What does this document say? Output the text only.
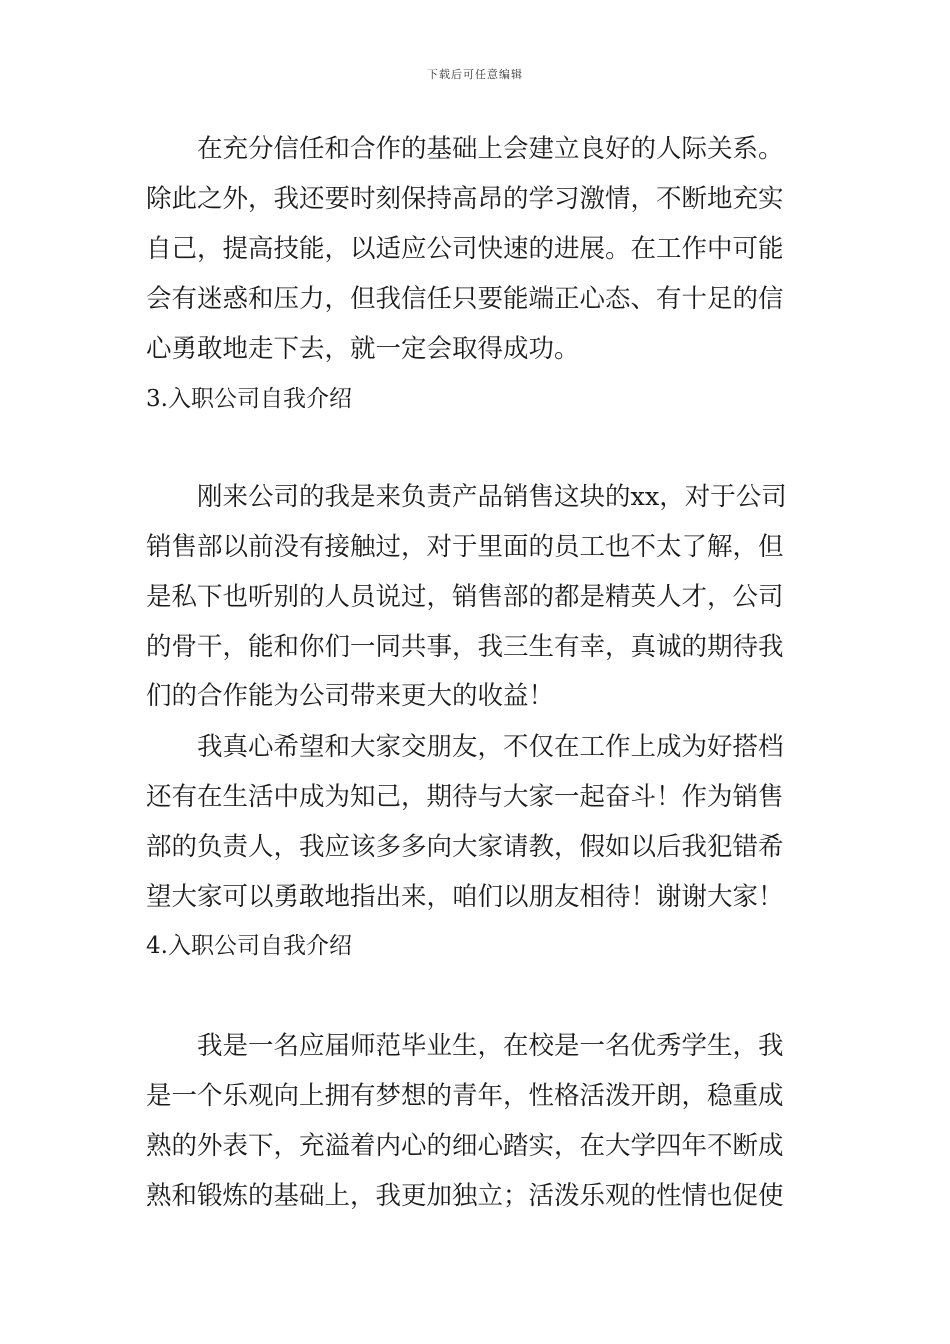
下载后可任意编辑
在充分信任和合作的基础上会建立良好的人际关系。
除此之外，我还要时刻保持高昂的学习激情，不断地充实
自己，提高技能，以适应公司快速的进展。在工作中可能
会有迷惑和压力，但我信任只要能端正心态、有十足的信
心勇敢地走下去，就一定会取得成功。
3.入职公司自我介绍
刚来公司的我是来负责产品销售这块的xx，对于公司
销售部以前没有接触过，对于里面的员工也不太了解，但
是私下也听别的人员说过，销售部的都是精英人才，公司
的骨干，能和你们一同共事，我三生有幸，真诚的期待我
们的合作能为公司带来更大的收益！
我真心希望和大家交朋友，不仅在工作上成为好搭档
还有在生活中成为知己，期待与大家一起奋斗！作为销售
部的负责人，我应该多多向大家请教，假如以后我犯错希
望大家可以勇敢地指出来，咱们以朋友相待！谢谢大家！
4.入职公司自我介绍
我是一名应届师范毕业生，在校是一名优秀学生，我
是一个乐观向上拥有梦想的青年，性格活泼开朗，稳重成
熟的外表下，充溢着内心的细心踏实，在大学四年不断成
熟和锻炼的基础上，我更加独立；活泼乐观的性情也促使
